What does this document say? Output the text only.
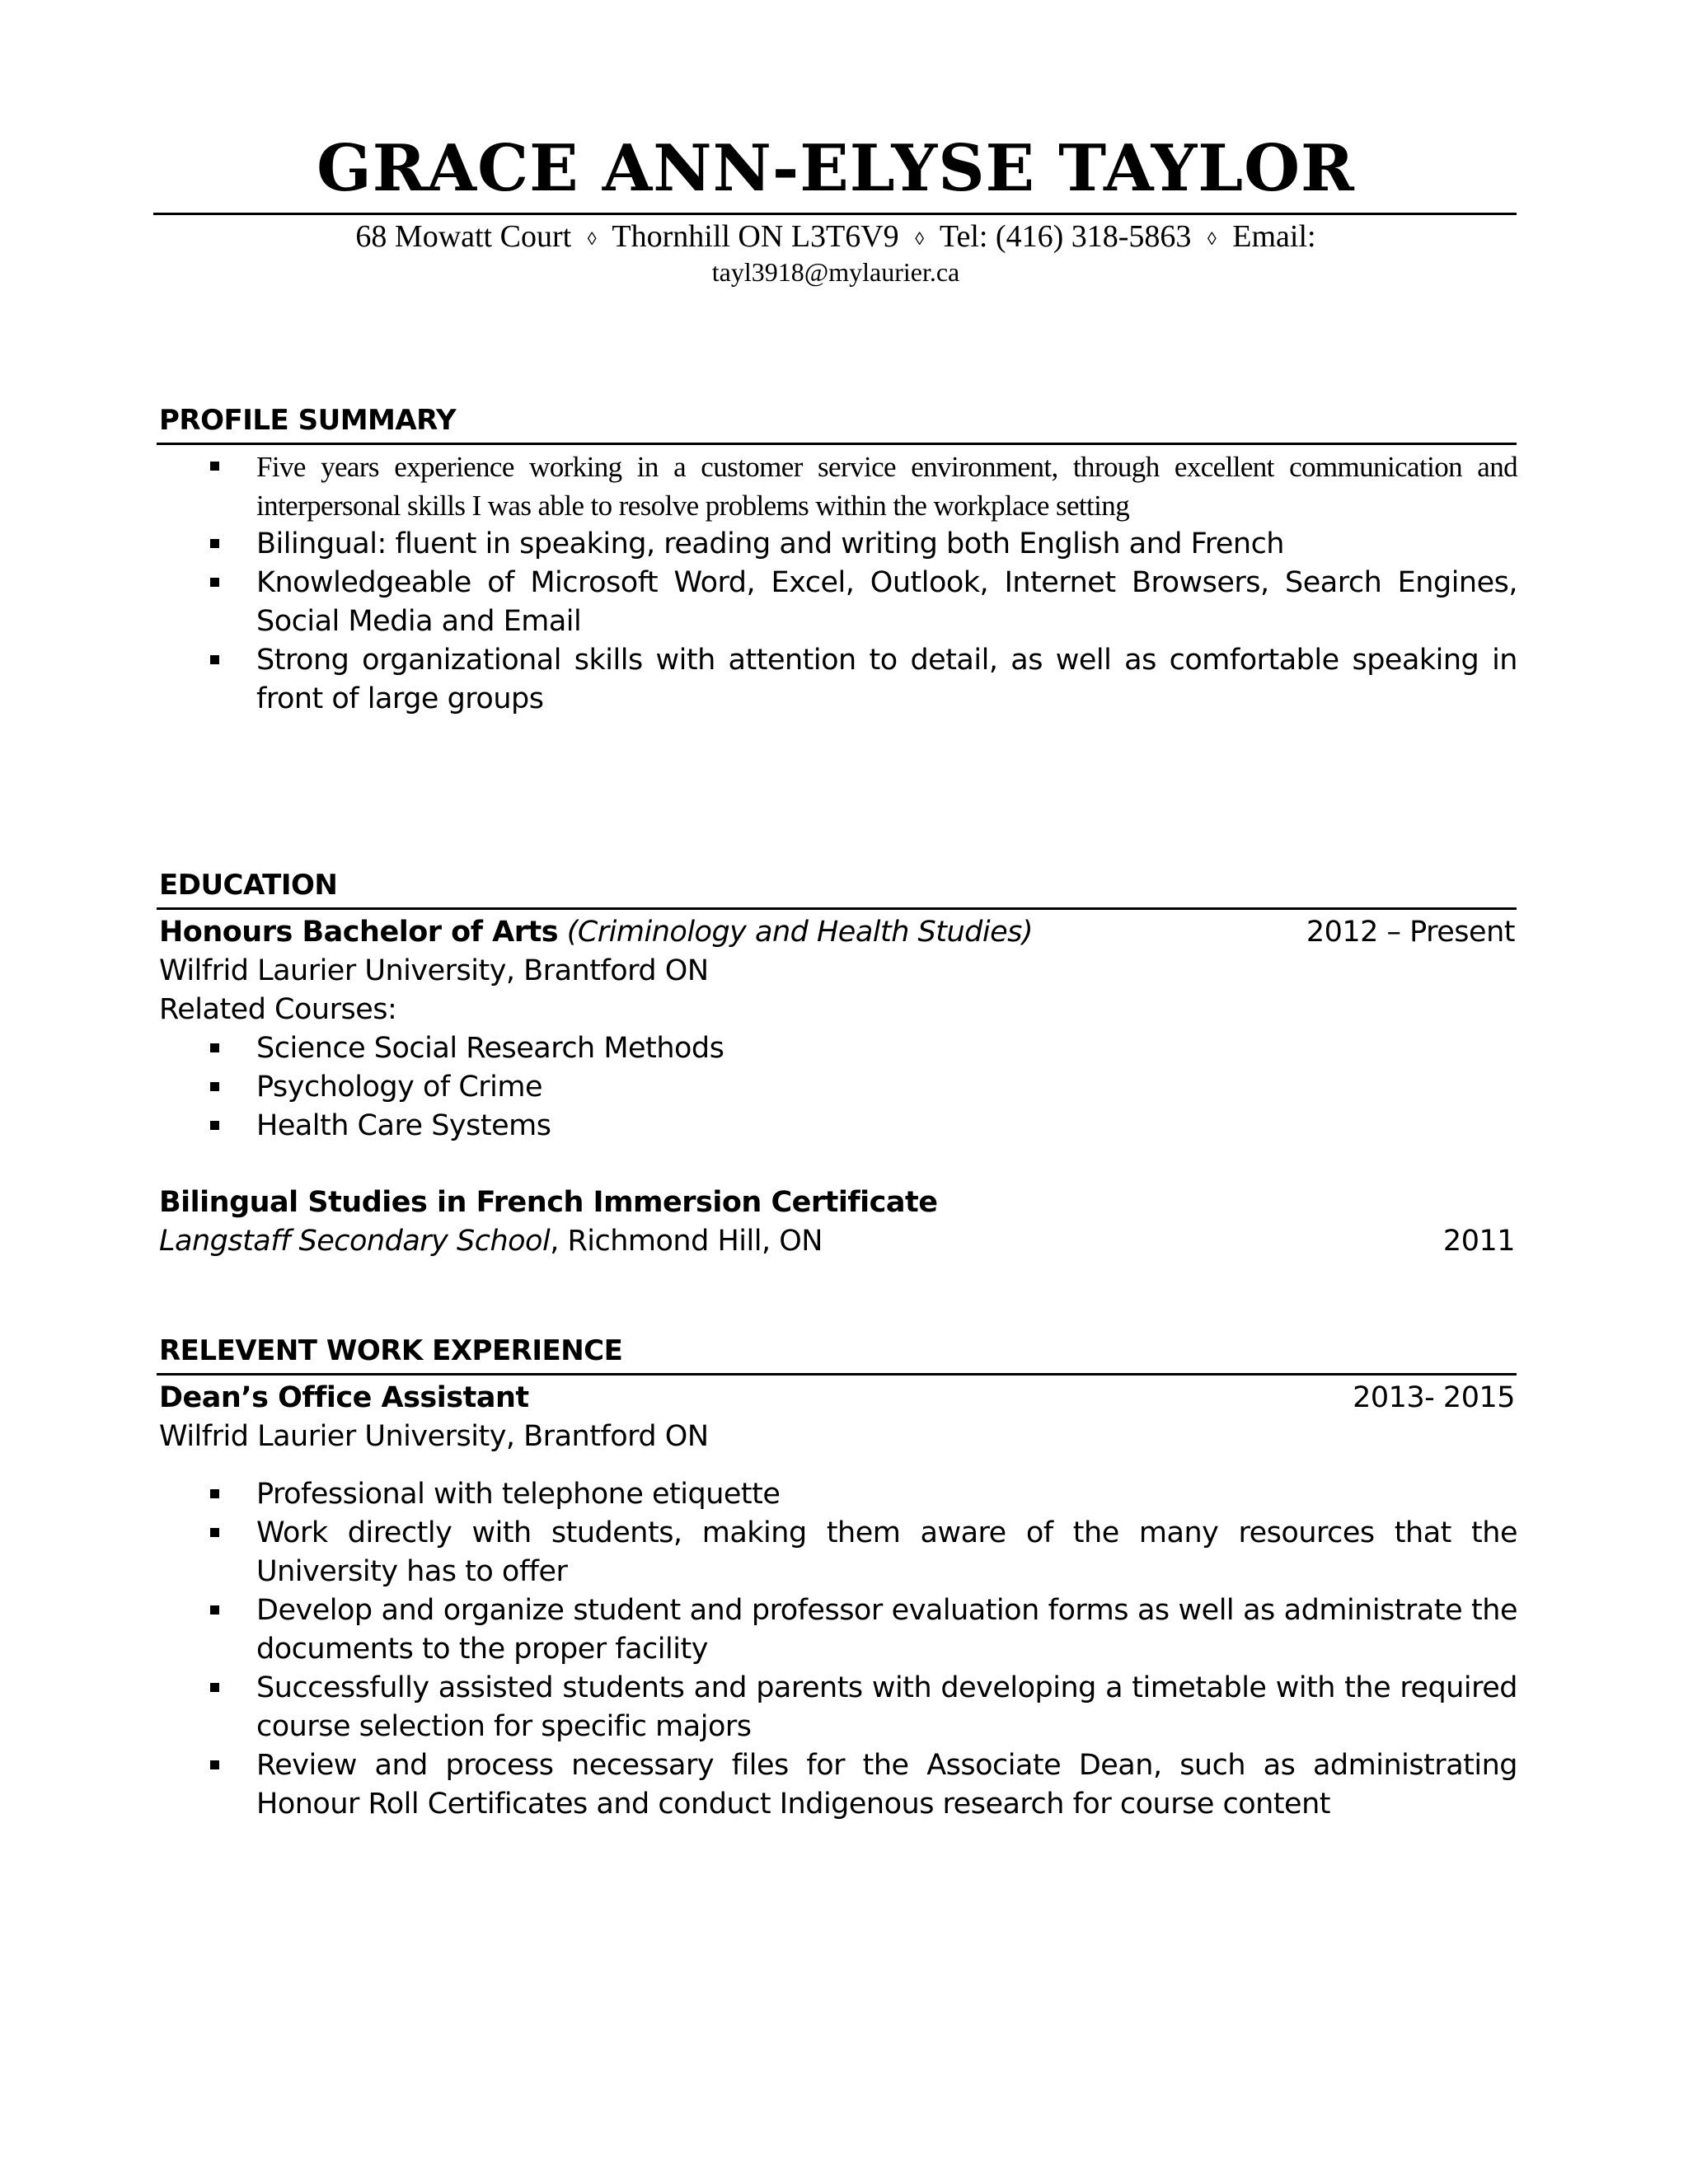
GRACE ANN-ELYSE TAYLOR
68 Mowatt Court ◊ Thornhill ON L3T6V9 ◊ Tel: (416) 318-5863 ◊ Email:
tayl3918@mylaurier.ca
PROFILE SUMMARY
Five years experience working in a customer service environment, through excellent communication and interpersonal skills I was able to resolve problems within the workplace setting
Bilingual: fluent in speaking, reading and writing both English and French
Knowledgeable of Microsoft Word, Excel, Outlook, Internet Browsers, Search Engines, Social Media and Email
Strong organizational skills with attention to detail, as well as comfortable speaking in front of large groups
EDUCATION
Honours Bachelor of Arts (Criminology and Health Studies)	2012 – Present
Wilfrid Laurier University, Brantford ON
Related Courses:
Science Social Research Methods
Psychology of Crime
Health Care Systems
Bilingual Studies in French Immersion Certificate
Langstaff Secondary School, Richmond Hill, ON	2011
RELEVENT WORK EXPERIENCE
Dean’s Office Assistant	2013- 2015
Wilfrid Laurier University, Brantford ON
Professional with telephone etiquette
Work directly with students, making them aware of the many resources that the University has to offer
Develop and organize student and professor evaluation forms as well as administrate the documents to the proper facility
Successfully assisted students and parents with developing a timetable with the required course selection for specific majors
Review and process necessary files for the Associate Dean, such as administrating Honour Roll Certificates and conduct Indigenous research for course content
